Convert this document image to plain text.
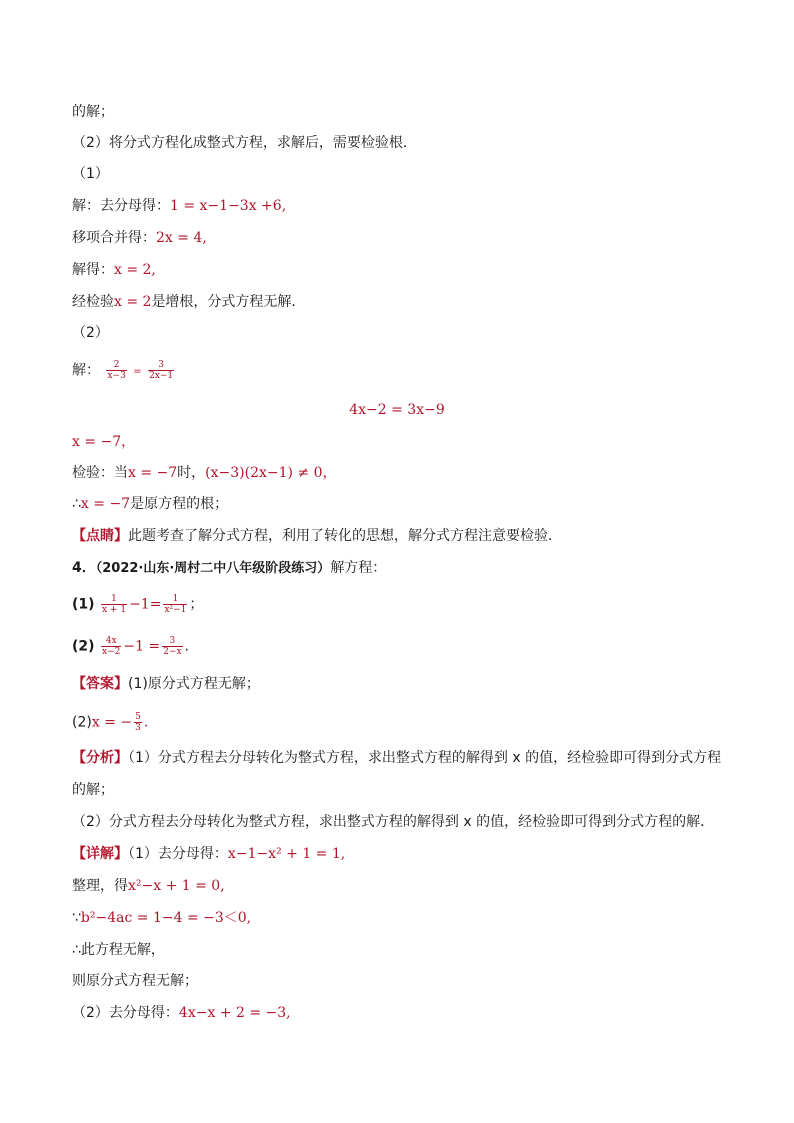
的解；
（2）将分式方程化成整式方程，求解后，需要检验根．
（1）
解：去分母得：1 = x−1−3x +6,
移项合并得：2x = 4,
解得：x = 2,
经检验x = 2是增根，分式方程无解．
（2）
解： $\frac{2}{x-3} = \frac{3}{2x-1}$
4x−2 = 3x−9
x = −7，
检验：当x = −7时，(x−3)(2x−1) ≠ 0，
∴x = −7是原方程的根；
【点睛】此题考查了解分式方程，利用了转化的思想，解分式方程注意要检验．
4．（2022·山东·周村二中八年级阶段练习）解方程：
$(1) \frac{1}{x + 1} -1= \frac{1}{\text{x²−1}}$ ；
$(2) \frac{4x}{x-2} -1 = \frac{3}{2-x}$ .
【答案】(1)原分式方程无解；
(2)x = − $\frac{5}{3}$ .
【分析】（1）分式方程去分母转化为整式方程，求出整式方程的解得到 x 的值，经检验即可得到分式方程
的解；
（2）分式方程去分母转化为整式方程，求出整式方程的解得到 x 的值，经检验即可得到分式方程的解．
【详解】（1）去分母得：x−1−x² + 1 = 1,
整理，得x²−x + 1 = 0,
∵b²−4ac = 1−4 = −3＜0,
∴此方程无解，
则原分式方程无解；
（2）去分母得：4x−x + 2 = −3,
